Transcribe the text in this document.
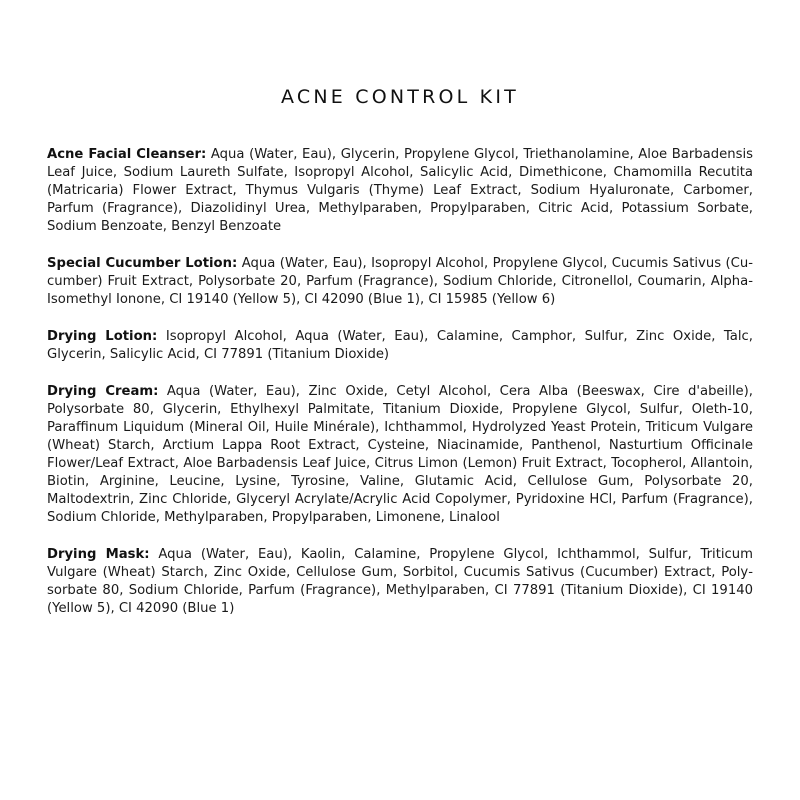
ACNE CONTROL KIT

Acne Facial Cleanser: Aqua (Water, Eau), Glycerin, Propylene Glycol, Triethanolamine, Aloe Barbadensis Leaf Juice, Sodium Laureth Sulfate, Isopropyl Alcohol, Salicylic Acid, Dimethicone, Chamomilla Recutita (Matricaria) Flower Extract, Thymus Vulgaris (Thyme) Leaf Extract, Sodium Hyaluronate, Carbomer, Parfum (Fragrance), Diazolidinyl Urea, Methylparaben, Propylparaben, Citric Acid, Potassium Sorbate, Sodium Benzoate, Benzyl Benzoate

Special Cucumber Lotion: Aqua (Water, Eau), Isopropyl Alcohol, Propylene Glycol, Cucumis Sativus (Cucumber) Fruit Extract, Polysorbate 20, Parfum (Fragrance), Sodium Chloride, Citronellol, Coumarin, Alpha-Isomethyl Ionone, CI 19140 (Yellow 5), CI 42090 (Blue 1), CI 15985 (Yellow 6)

Drying Lotion: Isopropyl Alcohol, Aqua (Water, Eau), Calamine, Camphor, Sulfur, Zinc Oxide, Talc, Glycerin, Salicylic Acid, CI 77891 (Titanium Dioxide)

Drying Cream: Aqua (Water, Eau), Zinc Oxide, Cetyl Alcohol, Cera Alba (Beeswax, Cire d'abeille), Polysorbate 80, Glycerin, Ethylhexyl Palmitate, Titanium Dioxide, Propylene Glycol, Sulfur, Oleth-10, Paraffinum Liquidum (Mineral Oil, Huile Minérale), Ichthammol, Hydrolyzed Yeast Protein, Triticum Vulgare (Wheat) Starch, Arctium Lappa Root Extract, Cysteine, Niacinamide, Panthenol, Nasturtium Officinale Flower/Leaf Extract, Aloe Barbadensis Leaf Juice, Citrus Limon (Lemon) Fruit Extract, Tocopherol, Allantoin, Biotin, Arginine, Leucine, Lysine, Tyrosine, Valine, Glutamic Acid, Cellulose Gum, Polysorbate 20, Maltodextrin, Zinc Chloride, Glyceryl Acrylate/Acrylic Acid Copolymer, Pyridoxine HCl, Parfum (Fragrance), Sodium Chloride, Methylparaben, Propylparaben, Limonene, Linalool

Drying Mask: Aqua (Water, Eau), Kaolin, Calamine, Propylene Glycol, Ichthammol, Sulfur, Triticum Vulgare (Wheat) Starch, Zinc Oxide, Cellulose Gum, Sorbitol, Cucumis Sativus (Cucumber) Extract, Polysorbate 80, Sodium Chloride, Parfum (Fragrance), Methylparaben, CI 77891 (Titanium Dioxide), CI 19140 (Yellow 5), CI 42090 (Blue 1)
